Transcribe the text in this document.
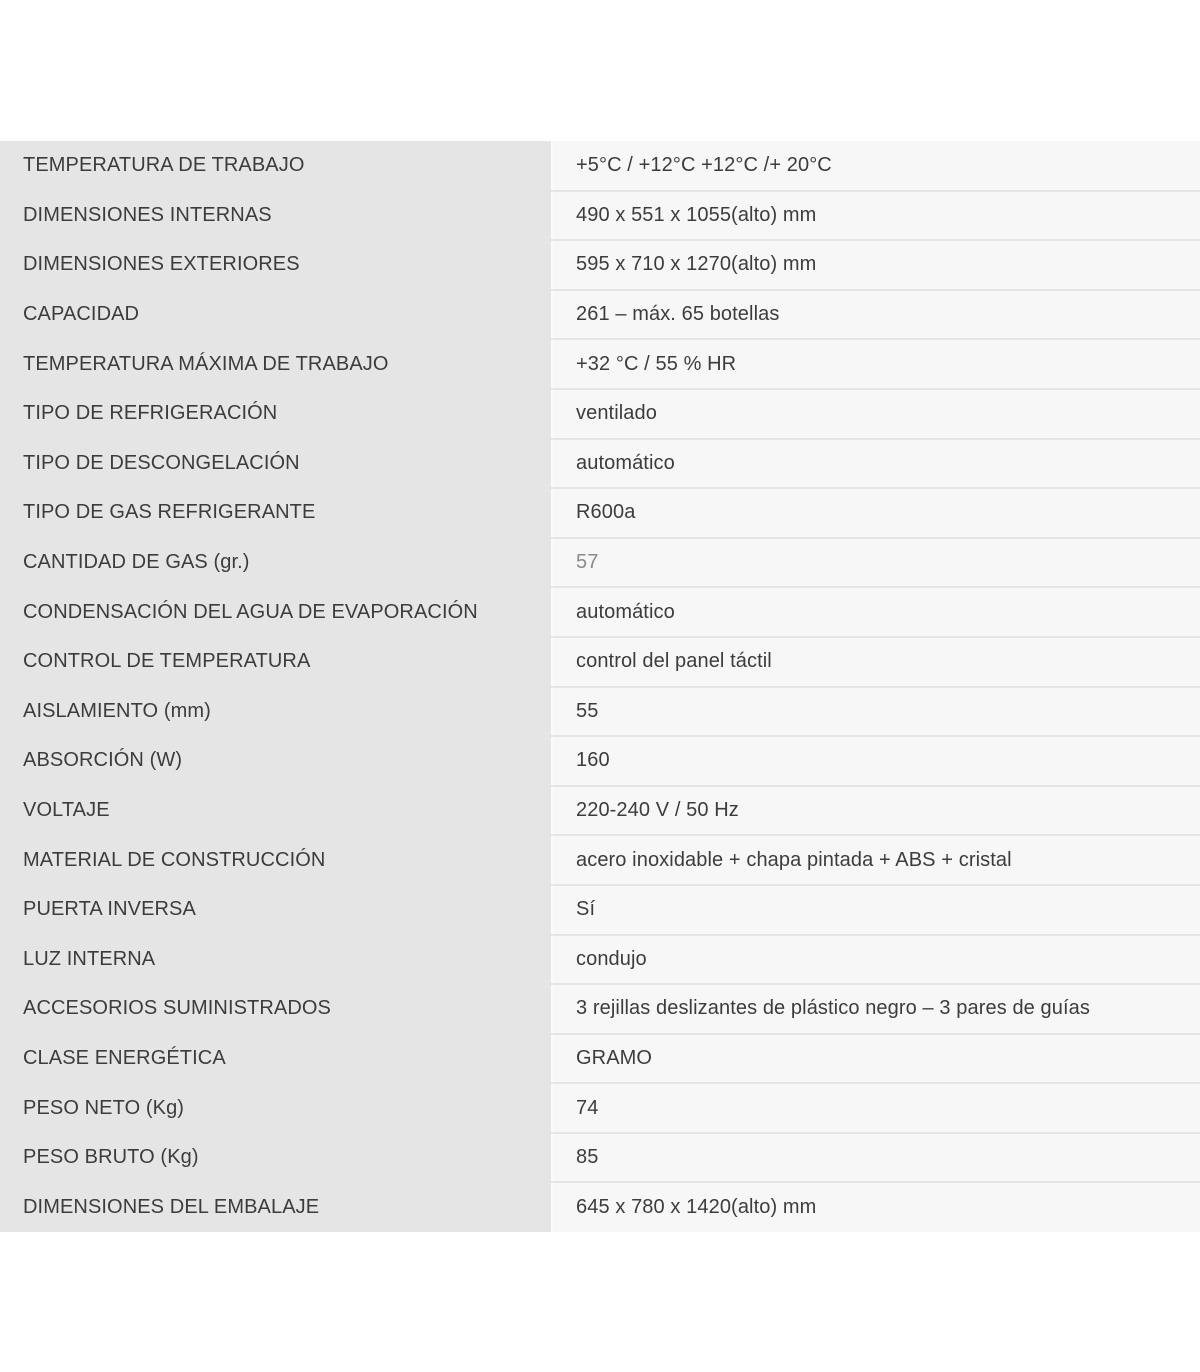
TEMPERATURA DE TRABAJO	+5°C / +12°C +12°C /+ 20°C
DIMENSIONES INTERNAS	490 x 551 x 1055(alto) mm
DIMENSIONES EXTERIORES	595 x 710 x 1270(alto) mm
CAPACIDAD	261 – máx. 65 botellas
TEMPERATURA MÁXIMA DE TRABAJO	+32 °C / 55 % HR
TIPO DE REFRIGERACIÓN	ventilado
TIPO DE DESCONGELACIÓN	automático
TIPO DE GAS REFRIGERANTE	R600a
CANTIDAD DE GAS (gr.)	57
CONDENSACIÓN DEL AGUA DE EVAPORACIÓN	automático
CONTROL DE TEMPERATURA	control del panel táctil
AISLAMIENTO (mm)	55
ABSORCIÓN (W)	160
VOLTAJE	220-240 V / 50 Hz
MATERIAL DE CONSTRUCCIÓN	acero inoxidable + chapa pintada + ABS + cristal
PUERTA INVERSA	Sí
LUZ INTERNA	condujo
ACCESORIOS SUMINISTRADOS	3 rejillas deslizantes de plástico negro – 3 pares de guías
CLASE ENERGÉTICA	GRAMO
PESO NETO (Kg)	74
PESO BRUTO (Kg)	85
DIMENSIONES DEL EMBALAJE	645 x 780 x 1420(alto) mm
